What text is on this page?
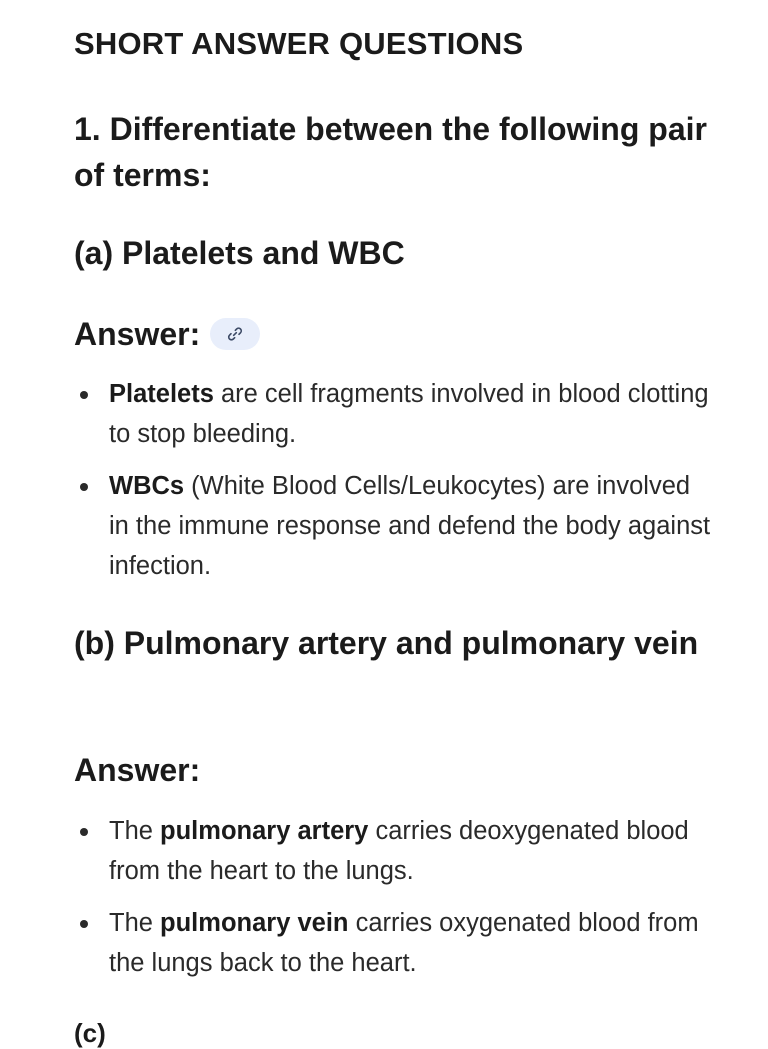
SHORT ANSWER QUESTIONS
1. Differentiate between the following pair of terms:
(a) Platelets and WBC
Answer:
Platelets are cell fragments involved in blood clotting to stop bleeding.
WBCs (White Blood Cells/Leukocytes) are involved in the immune response and defend the body against infection.
(b) Pulmonary artery and pulmonary vein
Answer:
The pulmonary artery carries deoxygenated blood from the heart to the lungs.
The pulmonary vein carries oxygenated blood from the lungs back to the heart.
(c)
